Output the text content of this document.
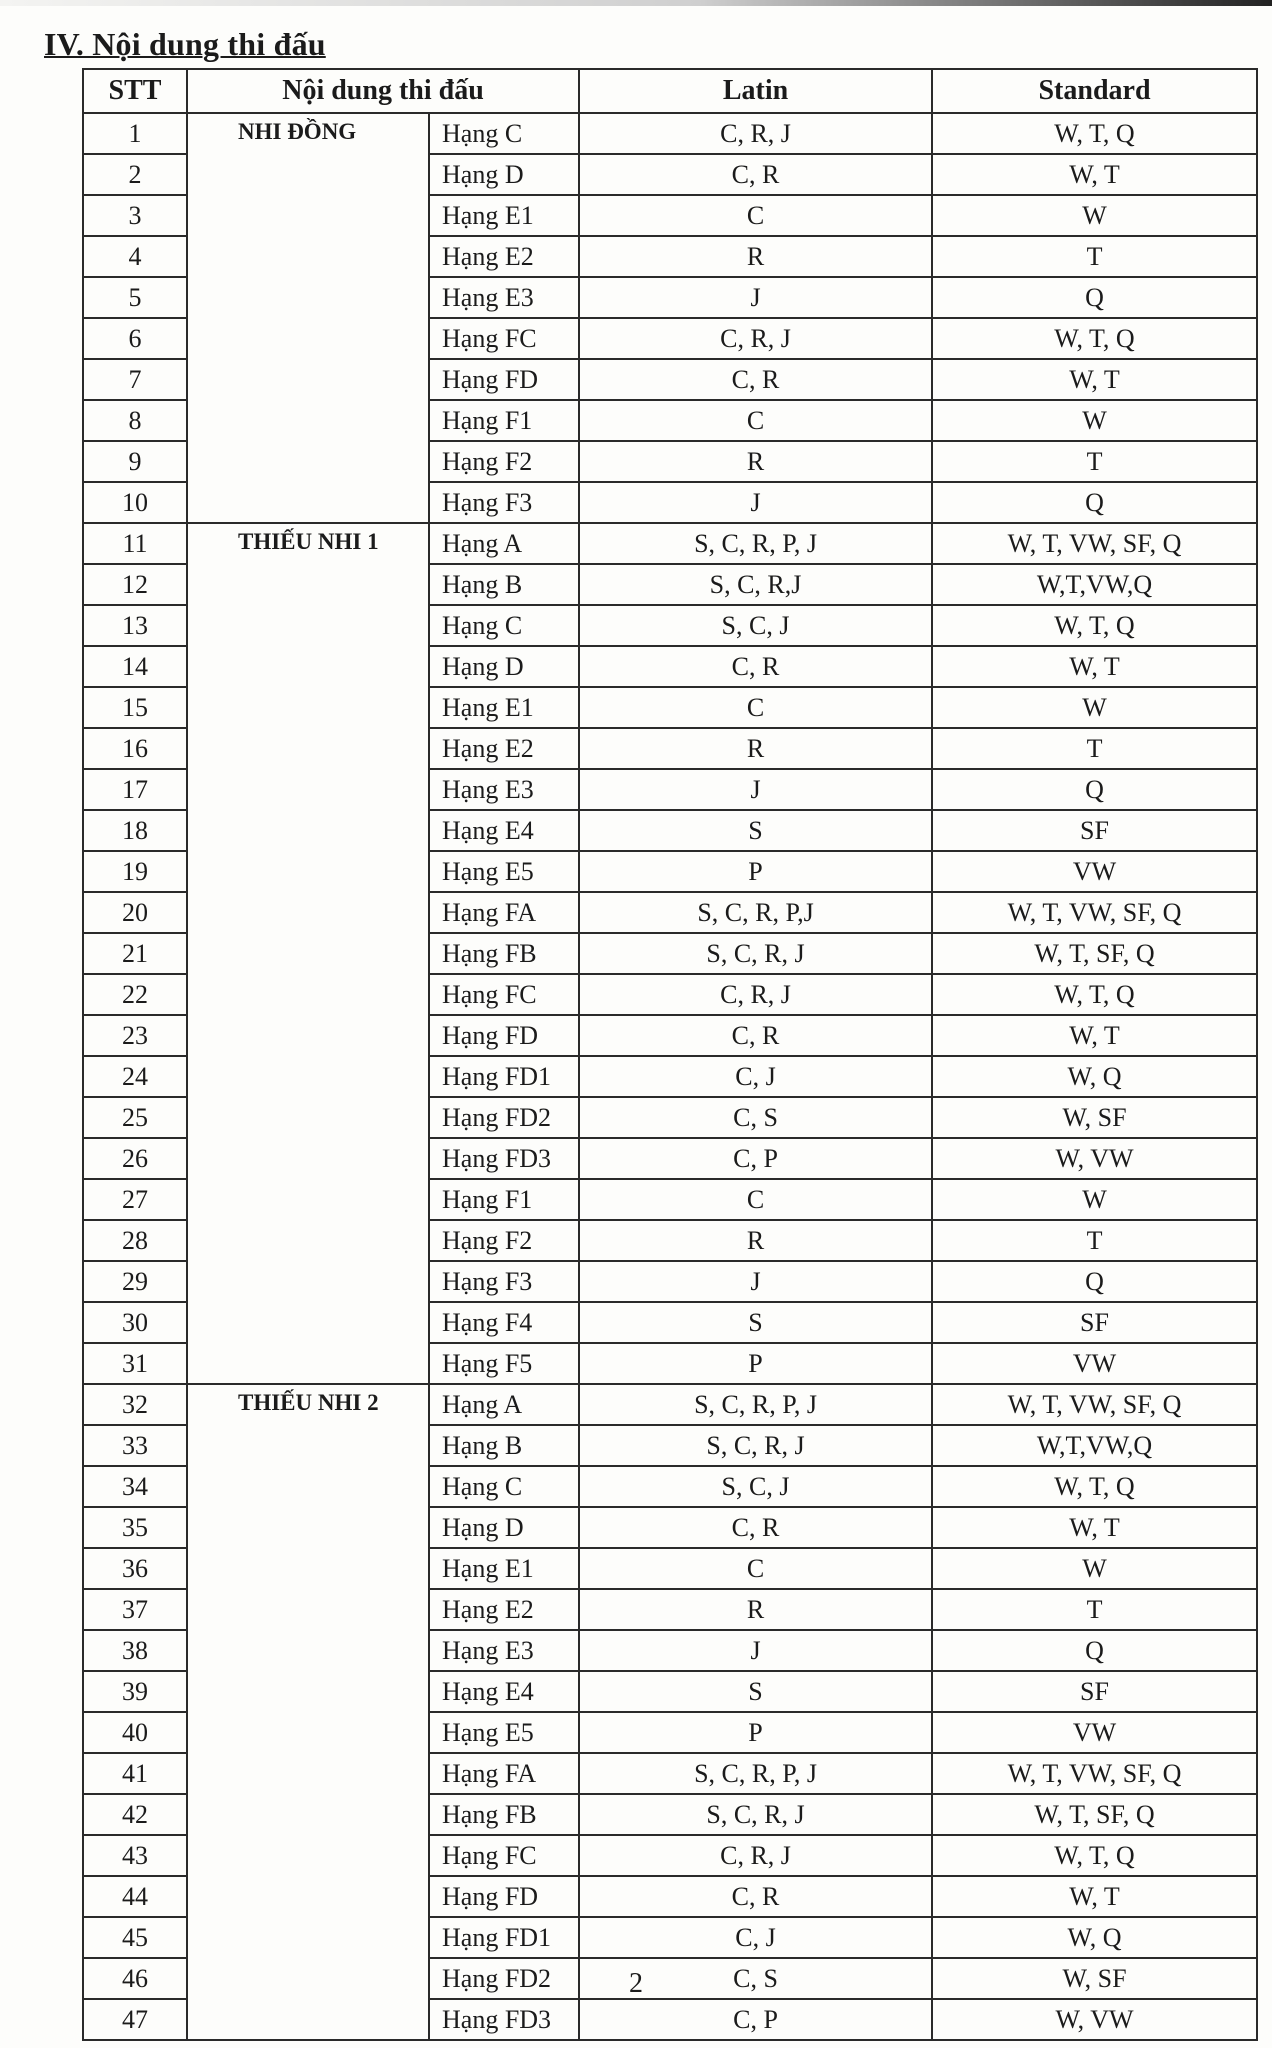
IV. Nội dung thi đấu
STT	Nội dung thi đấu		Latin	Standard
1	NHI ĐỒNG	Hạng C	C, R, J	W, T, Q
2		Hạng D	C, R	W, T
3		Hạng E1	C	W
4		Hạng E2	R	T
5		Hạng E3	J	Q
6		Hạng FC	C, R, J	W, T, Q
7		Hạng FD	C, R	W, T
8		Hạng F1	C	W
9		Hạng F2	R	T
10		Hạng F3	J	Q
11	THIẾU NHI 1	Hạng A	S, C, R, P, J	W, T, VW, SF, Q
12		Hạng B	S, C, R,J	W,T,VW,Q
13		Hạng C	S, C, J	W, T, Q
14		Hạng D	C, R	W, T
15		Hạng E1	C	W
16		Hạng E2	R	T
17		Hạng E3	J	Q
18		Hạng E4	S	SF
19		Hạng E5	P	VW
20		Hạng FA	S, C, R, P,J	W, T, VW, SF, Q
21		Hạng FB	S, C, R, J	W, T, SF, Q
22		Hạng FC	C, R, J	W, T, Q
23		Hạng FD	C, R	W, T
24		Hạng FD1	C, J	W, Q
25		Hạng FD2	C, S	W, SF
26		Hạng FD3	C, P	W, VW
27		Hạng F1	C	W
28		Hạng F2	R	T
29		Hạng F3	J	Q
30		Hạng F4	S	SF
31		Hạng F5	P	VW
32	THIẾU NHI 2	Hạng A	S, C, R, P, J	W, T, VW, SF, Q
33		Hạng B	S, C, R, J	W,T,VW,Q
34		Hạng C	S, C, J	W, T, Q
35		Hạng D	C, R	W, T
36		Hạng E1	C	W
37		Hạng E2	R	T
38		Hạng E3	J	Q
39		Hạng E4	S	SF
40		Hạng E5	P	VW
41		Hạng FA	S, C, R, P, J	W, T, VW, SF, Q
42		Hạng FB	S, C, R, J	W, T, SF, Q
43		Hạng FC	C, R, J	W, T, Q
44		Hạng FD	C, R	W, T
45		Hạng FD1	C, J	W, Q
46		Hạng FD2	C, S	W, SF
47		Hạng FD3	C, P	W, VW
2
